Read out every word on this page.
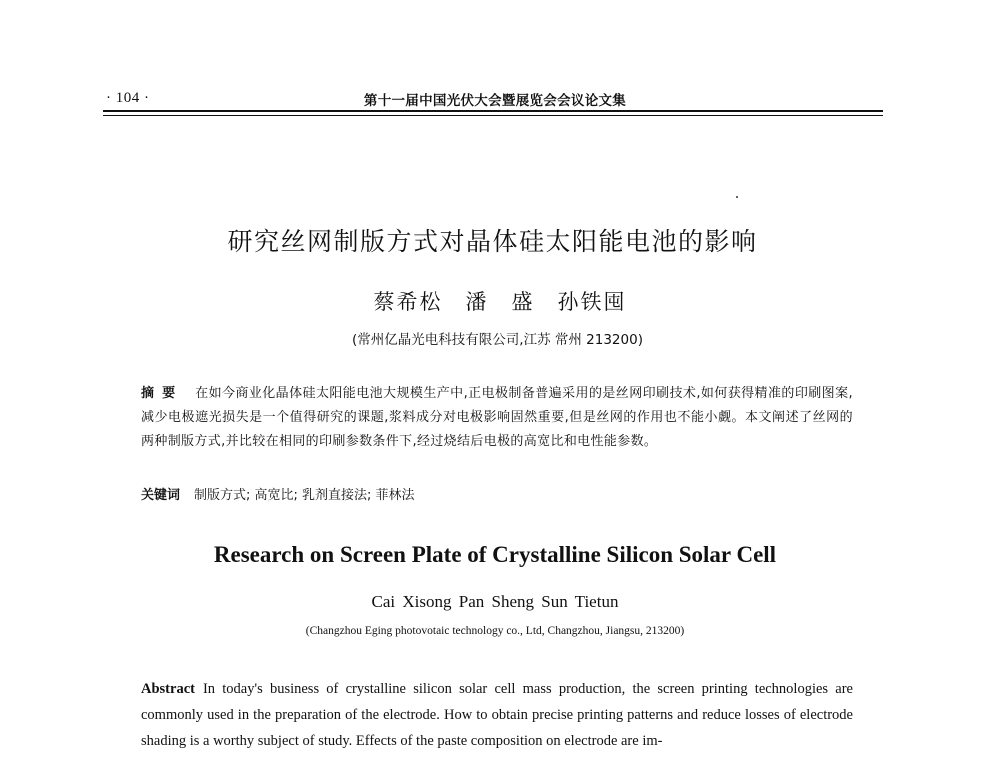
· 104 ·	第十一届中国光伏大会暨展览会会议论文集
研究丝网制版方式对晶体硅太阳能电池的影响
蔡希松　潘　盛　孙铁囤
(常州亿晶光电科技有限公司,江苏 常州 213200)
摘要 在如今商业化晶体硅太阳能电池大规模生产中,正电极制备普遍采用的是丝网印刷技术,如何获得精准的印刷图案,减少电极遮光损失是一个值得研究的课题,浆料成分对电极影响固然重要,但是丝网的作用也不能小觑。本文阐述了丝网的两种制版方式,并比较在相同的印刷参数条件下,经过烧结后电极的高宽比和电性能参数。
关键词 制版方式; 高宽比; 乳剂直接法; 菲林法
Research on Screen Plate of Crystalline Silicon Solar Cell
Cai Xisong Pan Sheng Sun Tietun
(Changzhou Eging photovotaic technology co., Ltd, Changzhou, Jiangsu, 213200)
Abstract In today's business of crystalline silicon solar cell mass production, the screen printing technologies are commonly used in the preparation of the electrode. How to obtain precise printing patterns and reduce losses of electrode shading is a worthy subject of study. Effects of the paste composition on electrode are im-
